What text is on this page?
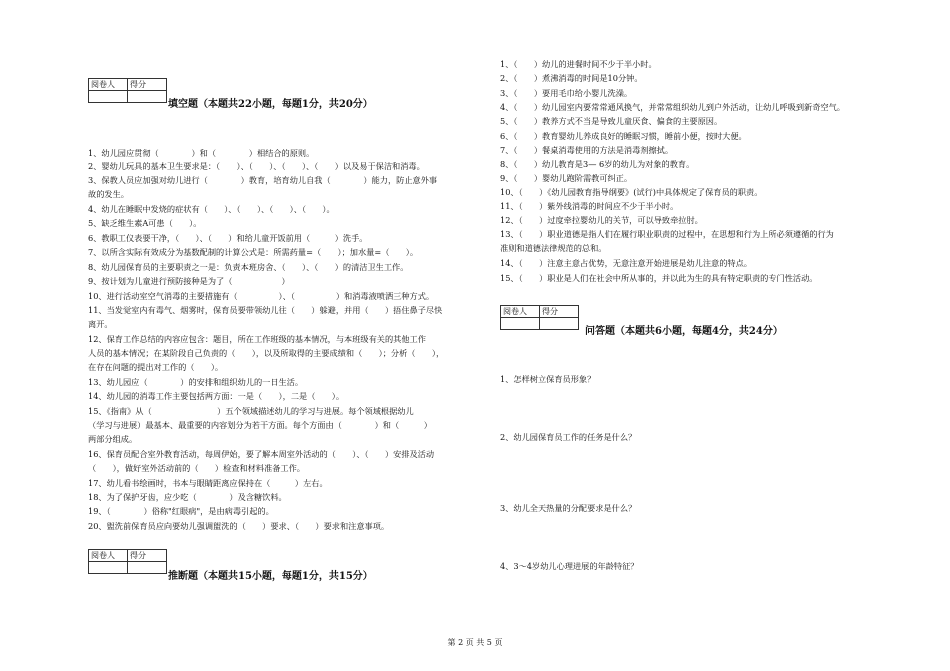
阅卷人	得分

填空题（本题共22小题，每题1分，共20分）
1、幼儿园应贯彻（　　　　）和（　　　　）相结合的原则。
2、婴幼儿玩具的基本卫生要求是：（　　）、（　　）、（　　）、（　　）以及易于保洁和消毒。
3、保教人员应加强对幼儿进行（　　　　）教育，培育幼儿自我（　　　　）能力，防止意外事
故的发生。
4、幼儿在睡眠中发烧的症状有（　　）、（　　）、（　　）、（　　）。
5、缺乏维生素A可患（　　）。
6、教职工仪表要干净，（　　）、（　　）和给儿童开饭前用（　　　）洗手。
7、以所含实际有效成分为基数配制的计算公式是：所需药量=（　　）；加水量=（　　）。
8、幼儿园保育员的主要职责之一是：负责本班房舍、（　　）、（　　）的清洁卫生工作。
9、按计划为儿童进行预防接种是为了（　　　　　　）
10、进行活动室空气消毒的主要措施有（　　　　　）、（　　　　　）和消毒液喷洒三种方式。
11、当发觉室内有毒气、烟雾时，保育员要带领幼儿往（　　）躲避，并用（　　）捂住鼻子尽快
离开。
12、保育工作总结的内容应包含：题目，所在工作班级的基本情况，与本班级有关的其他工作
人员的基本情况；在某阶段自己负责的（　　），以及所取得的主要成绩和（　　）；分析（　　），
在存在问题的提出对工作的（　　）。
13、幼儿园应（　　　　）的安排和组织幼儿的一日生活。
14、幼儿园的消毒工作主要包括两方面：一是（　　），二是（　　）。
15、《指南》从（　　　　　　　　）五个领域描述幼儿的学习与进展。每个领域根据幼儿
（学习与进展）最基本、最重要的内容划分为若干方面。每个方面由（　　　　）和（　　　）
两部分组成。
16、保育员配合室外教育活动，每周伊始，要了解本周室外活动的（　　）、（　　）安排及活动
（　　），做好室外活动前的（　　）检查和材料准备工作。
17、幼儿看书绘画时，书本与眼睛距离应保持在（　　　）左右。
18、为了保护牙齿，应少吃（　　　　）及含糖饮料。
19、（　　　　）俗称"红眼病"，是由病毒引起的。
20、盥洗前保育员应向要幼儿强调盥洗的（　　）要求、（　　）要求和注意事项。
阅卷人	得分

推断题（本题共15小题，每题1分，共15分）
1、（　　）幼儿的进餐时间不少于半小时。
2、（　　）煮沸消毒的时间是10分钟。
3、（　　）要用毛巾给小婴儿洗澡。
4、（　　）幼儿园室内要常常通风换气，并常常组织幼儿到户外活动，让幼儿呼吸到新奇空气。
5、（　　）教养方式不当是导致儿童厌食、偏食的主要原因。
6、（　　）教育婴幼儿养成良好的睡眠习惯，睡前小便，按时大便。
7、（　　）餐桌消毒使用的方法是消毒剂擦拭。
8、（　　）幼儿教育是3— 6岁的幼儿为对象的教育。
9、（　　）婴幼儿跑阶需教可纠正。
10、（　　）《幼儿园教育指导纲要》(试行)中具体规定了保育员的职责。
11、（　　）紫外线消毒的时间应不少于半小时。
12、（　　）过度牵拉婴幼儿的关节，可以导致牵拉肘。
13、（　　）职业道德是指人们在履行职业职责的过程中，在思想和行为上所必须遵循的行为
准则和道德法律规范的总和。
14、（　　）注意主意占优势，无意注意开始进展是幼儿注意的特点。
15、（　　）职业是人们在社会中所从事的，并以此为生的具有特定职责的专门性活动。
阅卷人	得分

问答题（本题共6小题，每题4分，共24分）
1、怎样树立保育员形象？
2、幼儿园保育员工作的任务是什么？
3、幼儿全天热量的分配要求是什么？
4、3〜4岁幼儿心理进展的年龄特征？
第 2 页 共 5 页
